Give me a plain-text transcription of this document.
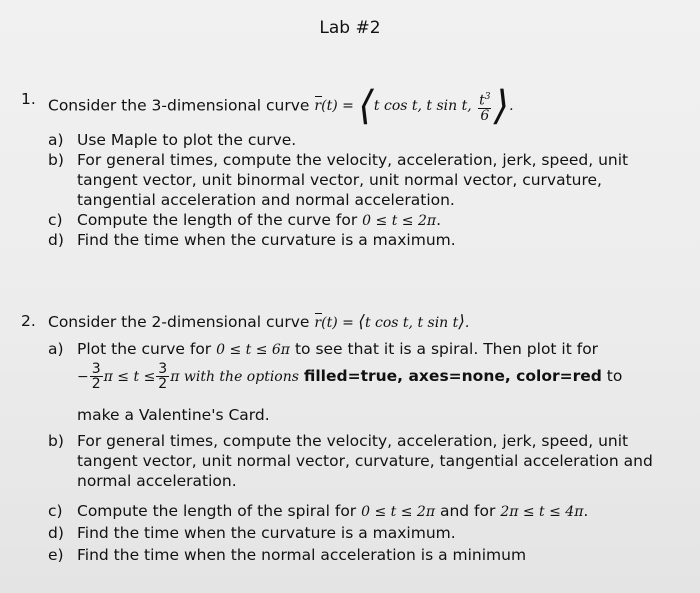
Lab #2
1. Consider the 3-dimensional curve r(t) = ⟨t cos t, t sin t, $\frac{t^3}{6}$ ⟩.
a) Use Maple to plot the curve.
b) For general times, compute the velocity, acceleration, jerk, speed, unit
tangent vector, unit binormal vector, unit normal vector, curvature,
tangential acceleration and normal acceleration.
c) Compute the length of the curve for 0 ≤ t ≤ 2π.
d) Find the time when the curvature is a maximum.
2. Consider the 2-dimensional curve r(t) = ⟨t cos t, t sin t⟩.
a) Plot the curve for 0 ≤ t ≤ 6π to see that it is a spiral. Then plot it for
− $\frac{3}{2}$ $\pi \le t \le \frac{3}{2}$ π with the options filled=true, axes=none, color=red to
make a Valentine's Card.
b) For general times, compute the velocity, acceleration, jerk, speed, unit
tangent vector, unit normal vector, curvature, tangential acceleration and
normal acceleration.
c) Compute the length of the spiral for 0 ≤ t ≤ 2π and for 2π ≤ t ≤ 4π.
d) Find the time when the curvature is a maximum.
e) Find the time when the normal acceleration is a minimum
